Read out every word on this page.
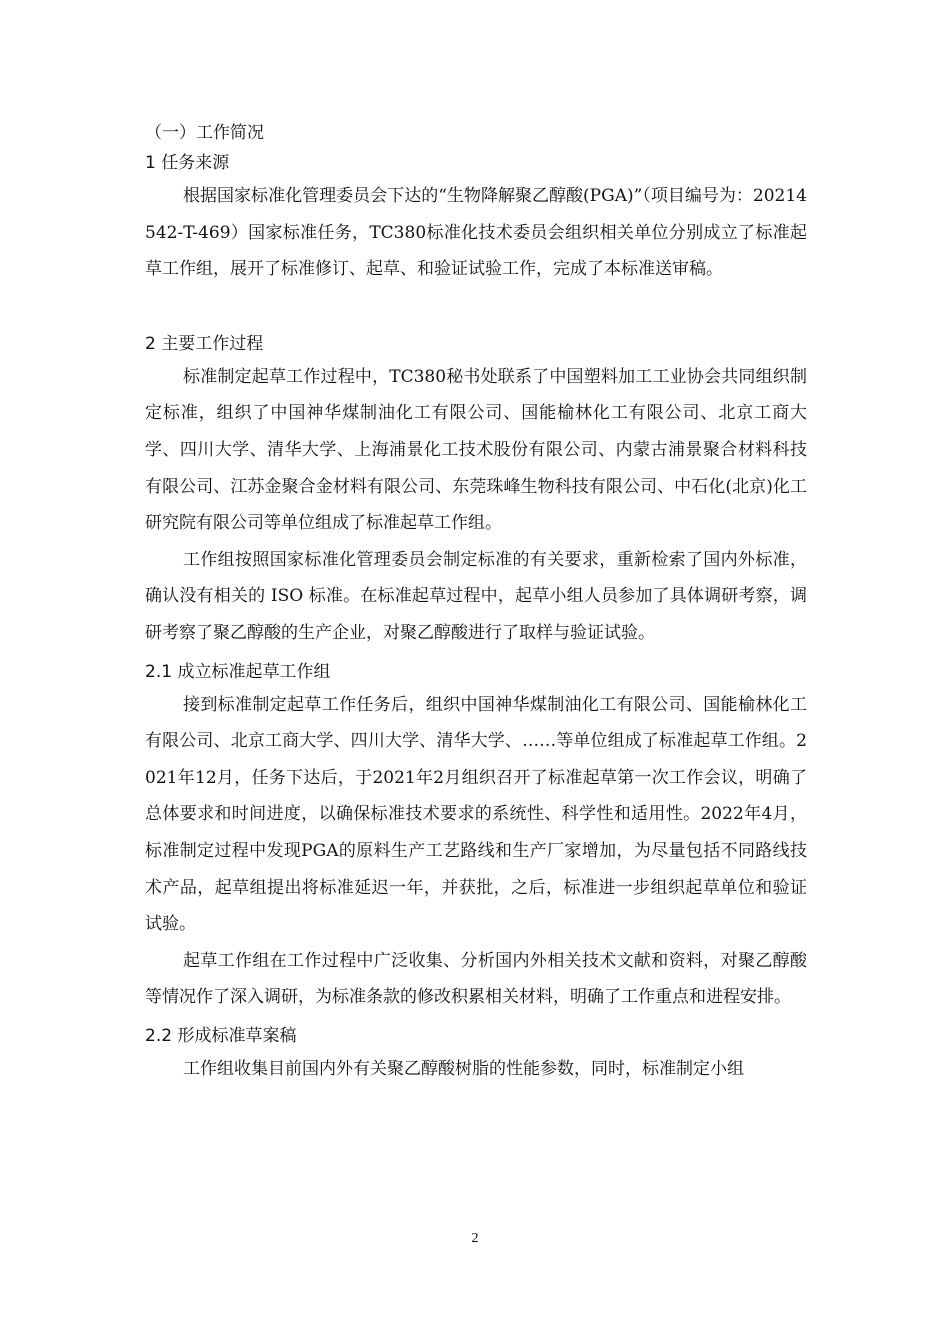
（一）工作简况
1 任务来源

根据国家标准化管理委员会下达的“生物降解聚乙醇酸(PGA)”（项目编号为：20214542-T-469）国家标准任务，TC380标准化技术委员会组织相关单位分别成立了标准起草工作组，展开了标准修订、起草、和验证试验工作，完成了本标准送审稿。

2 主要工作过程

标准制定起草工作过程中，TC380秘书处联系了中国塑料加工工业协会共同组织制定标准，组织了中国神华煤制油化工有限公司、国能榆林化工有限公司、北京工商大学、四川大学、清华大学、上海浦景化工技术股份有限公司、内蒙古浦景聚合材料科技有限公司、江苏金聚合金材料有限公司、东莞珠峰生物科技有限公司、中石化(北京)化工研究院有限公司等单位组成了标准起草工作组。

工作组按照国家标准化管理委员会制定标准的有关要求，重新检索了国内外标准，确认没有相关的 ISO 标准。在标准起草过程中，起草小组人员参加了具体调研考察，调研考察了聚乙醇酸的生产企业，对聚乙醇酸进行了取样与验证试验。

2.1 成立标准起草工作组

接到标准制定起草工作任务后，组织中国神华煤制油化工有限公司、国能榆林化工有限公司、北京工商大学、四川大学、清华大学、……等单位组成了标准起草工作组。2021年12月，任务下达后，于2021年2月组织召开了标准起草第一次工作会议，明确了总体要求和时间进度，以确保标准技术要求的系统性、科学性和适用性。2022年4月，标准制定过程中发现PGA的原料生产工艺路线和生产厂家增加，为尽量包括不同路线技术产品，起草组提出将标准延迟一年，并获批，之后，标准进一步组织起草单位和验证试验。

起草工作组在工作过程中广泛收集、分析国内外相关技术文献和资料，对聚乙醇酸等情况作了深入调研，为标准条款的修改积累相关材料，明确了工作重点和进程安排。

2.2 形成标准草案稿

工作组收集目前国内外有关聚乙醇酸树脂的性能参数，同时，标准制定小组

2
